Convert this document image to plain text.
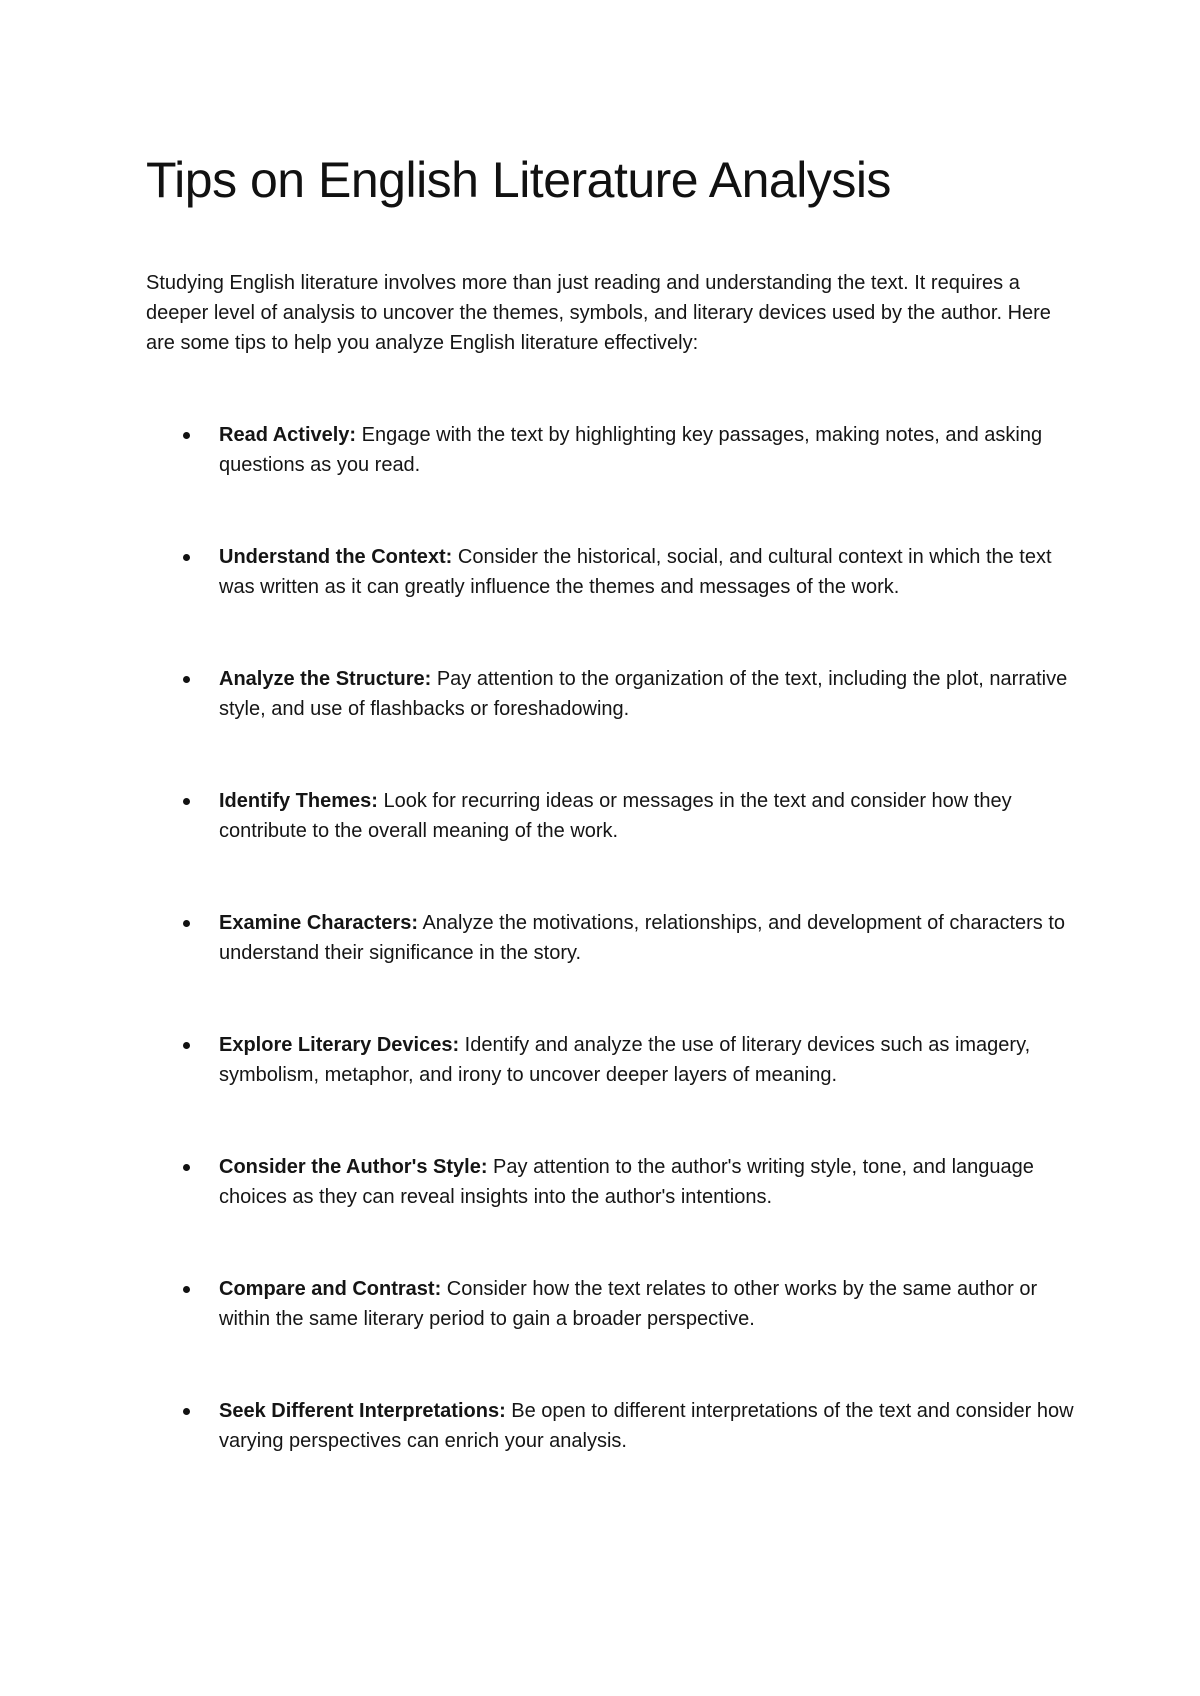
Tips on English Literature Analysis

Studying English literature involves more than just reading and understanding the text. It requires a deeper level of analysis to uncover the themes, symbols, and literary devices used by the author. Here are some tips to help you analyze English literature effectively:

Read Actively: Engage with the text by highlighting key passages, making notes, and asking questions as you read.
Understand the Context: Consider the historical, social, and cultural context in which the text was written as it can greatly influence the themes and messages of the work.
Analyze the Structure: Pay attention to the organization of the text, including the plot, narrative style, and use of flashbacks or foreshadowing.
Identify Themes: Look for recurring ideas or messages in the text and consider how they contribute to the overall meaning of the work.
Examine Characters: Analyze the motivations, relationships, and development of characters to understand their significance in the story.
Explore Literary Devices: Identify and analyze the use of literary devices such as imagery, symbolism, metaphor, and irony to uncover deeper layers of meaning.
Consider the Author's Style: Pay attention to the author's writing style, tone, and language choices as they can reveal insights into the author's intentions.
Compare and Contrast: Consider how the text relates to other works by the same author or within the same literary period to gain a broader perspective.
Seek Different Interpretations: Be open to different interpretations of the text and consider how varying perspectives can enrich your analysis.
